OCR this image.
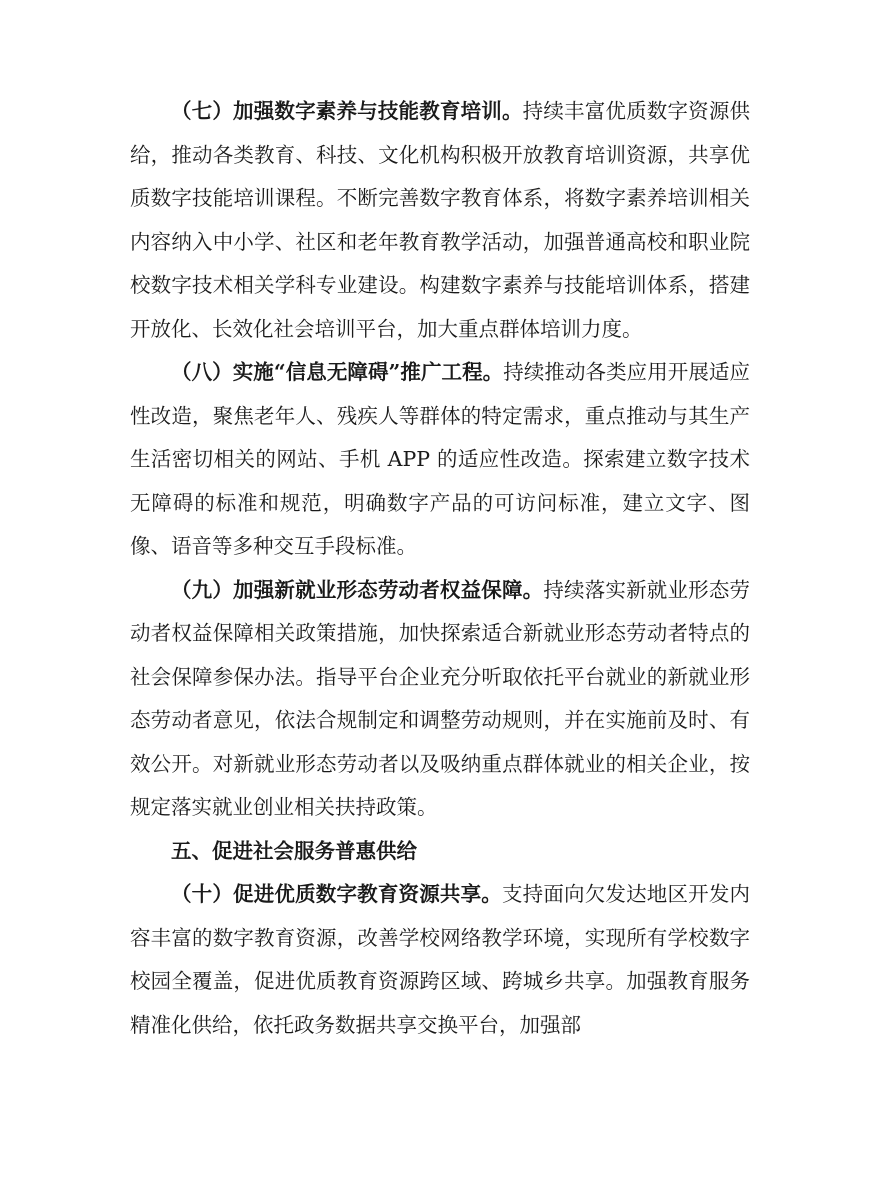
（七）加强数字素养与技能教育培训。持续丰富优质数字资源供给，推动各类教育、科技、文化机构积极开放教育培训资源，共享优质数字技能培训课程。不断完善数字教育体系，将数字素养培训相关内容纳入中小学、社区和老年教育教学活动，加强普通高校和职业院校数字技术相关学科专业建设。构建数字素养与技能培训体系，搭建开放化、长效化社会培训平台，加大重点群体培训力度。

（八）实施“信息无障碍”推广工程。持续推动各类应用开展适应性改造，聚焦老年人、残疾人等群体的特定需求，重点推动与其生产生活密切相关的网站、手机 APP 的适应性改造。探索建立数字技术无障碍的标准和规范，明确数字产品的可访问标准，建立文字、图像、语音等多种交互手段标准。

（九）加强新就业形态劳动者权益保障。持续落实新就业形态劳动者权益保障相关政策措施，加快探索适合新就业形态劳动者特点的社会保障参保办法。指导平台企业充分听取依托平台就业的新就业形态劳动者意见，依法合规制定和调整劳动规则，并在实施前及时、有效公开。对新就业形态劳动者以及吸纳重点群体就业的相关企业，按规定落实就业创业相关扶持政策。

五、促进社会服务普惠供给

（十）促进优质数字教育资源共享。支持面向欠发达地区开发内容丰富的数字教育资源，改善学校网络教学环境，实现所有学校数字校园全覆盖，促进优质教育资源跨区域、跨城乡共享。加强教育服务精准化供给，依托政务数据共享交换平台，加强部
